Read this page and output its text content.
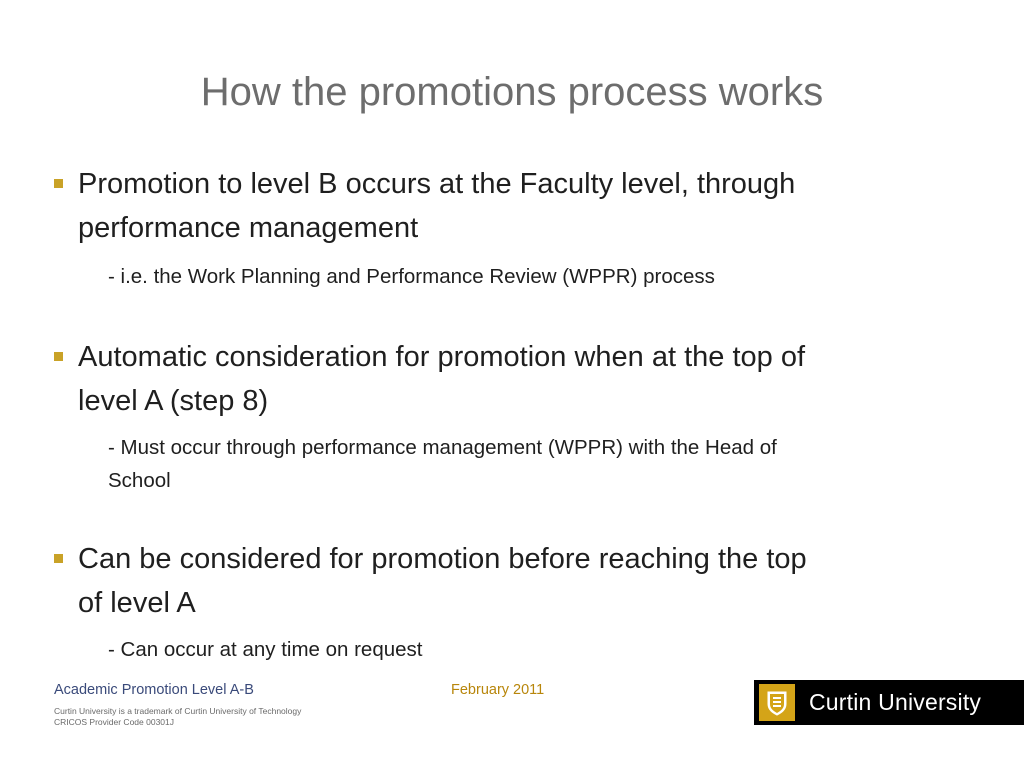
How the promotions process works
Promotion to level B occurs at the Faculty level, through
performance management
- i.e. the Work Planning and Performance Review (WPPR) process
Automatic consideration for promotion when at the top of
level A (step 8)
- Must occur through performance management (WPPR) with the Head of
School
Can be considered for promotion before reaching the top
of level A
- Can occur at any time on request
Academic Promotion Level A-B
Curtin University is a trademark of Curtin University of Technology
CRICOS Provider Code 00301J
February 2011	Curtin University
